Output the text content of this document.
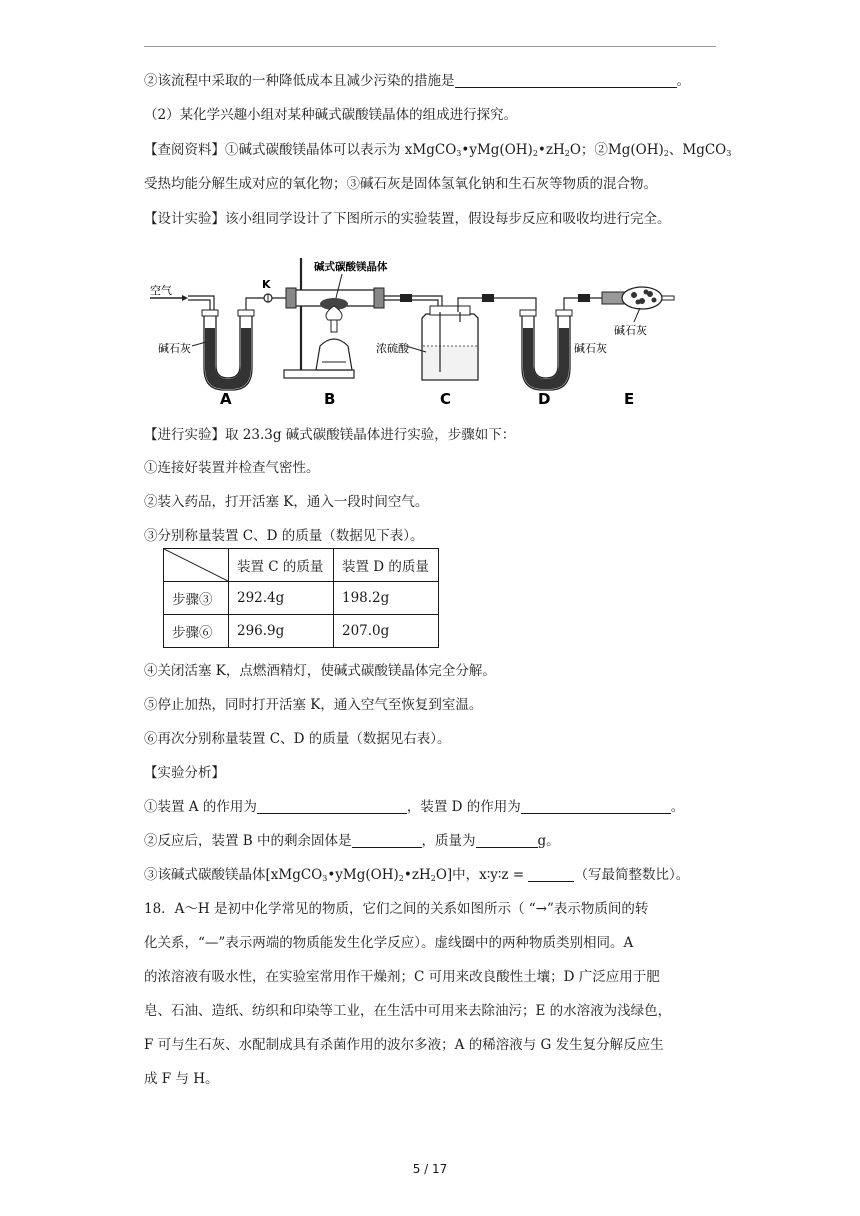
②该流程中采取的一种降低成本且减少污染的措施是	。
（2）某化学兴趣小组对某种碱式碳酸镁晶体的组成进行探究。
【查阅资料】①碱式碳酸镁晶体可以表示为 $xMgCO_3•yMg(OH)_2•zH_2O$；$②Mg(OH)_2$、MgCO$_3$
受热均能分解生成对应的氧化物；③碱石灰是固体氢氧化钠和生石灰等物质的混合物。
【设计实验】该小组同学设计了下图所示的实验装置，假设每步反应和吸收均进行完全。
空气
碱石灰
K
碱式碳酸镁晶体
浓硫酸	碱石灰
碱石灰
A	B	C	D	E
【进行实验】取 23.3g 碱式碳酸镁晶体进行实验，步骤如下：
①连接好装置并检查气密性。
②装入药品，打开活塞 K，通入一段时间空气。
③分别称量装置 C、D 的质量（数据见下表）。
	装置 C 的质量	装置 D 的质量
步骤③	292.4g	198.2g
步骤⑥	296.9g	207.0g
④关闭活塞 K，点燃酒精灯，使碱式碳酸镁晶体完全分解。
⑤停止加热，同时打开活塞 K，通入空气至恢复到室温。
⑥再次分别称量装置 C、D 的质量（数据见右表）。
【实验分析】
①装置 A 的作用为	，装置 D 的作用为	。
②反应后，装置 B 中的剩余固体是	，质量为	g。
③该碱式碳酸镁晶体$[xMgCO_3•yMg(OH)_2•zH_2O]$中，x∶y∶z =	（写最简整数比）。
18．A～H 是初中化学常见的物质，它们之间的关系如图所示（ “→”表示物质间的转
化关系，“—”表示两端的物质能发生化学反应）。虚线圈中的两种物质类别相同。A
的浓溶液有吸水性，在实验室常用作干燥剂；C 可用来改良酸性土壤；D 广泛应用于肥
皂、石油、造纸、纺织和印染等工业，在生活中可用来去除油污；E 的水溶液为浅绿色，
F 可与生石灰、水配制成具有杀菌作用的波尔多液；A 的稀溶液与 G 发生复分解反应生
成 F 与 H。
5 / 17
